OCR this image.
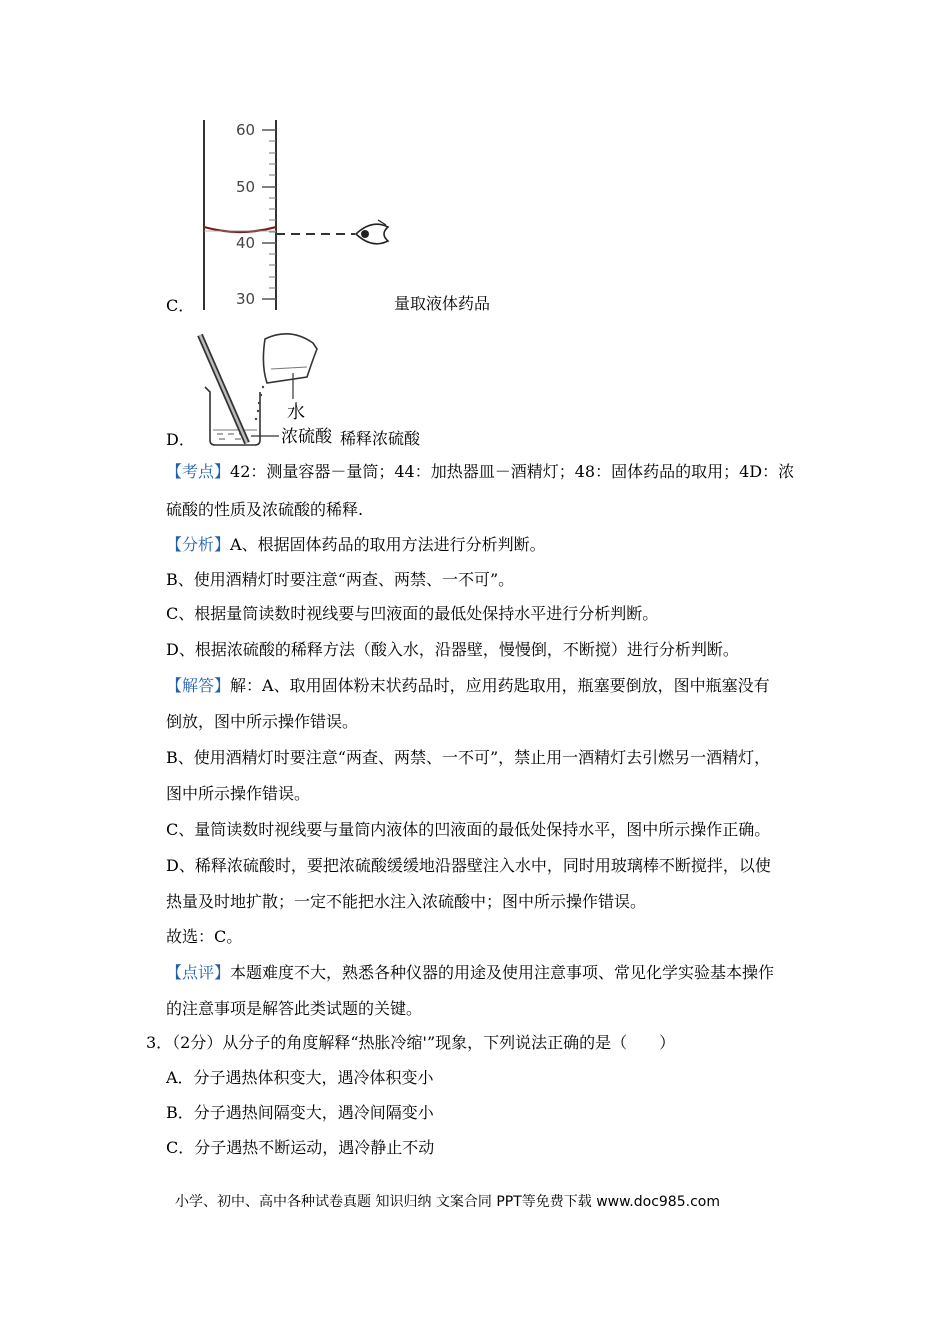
60
50
40
30
C．	量取液体药品
水
浓硫酸
D．	稀释浓硫酸
【考点】42：测量容器－量筒；44：加热器皿－酒精灯；48：固体药品的取用；4D：浓
硫酸的性质及浓硫酸的稀释.
【分析】A、根据固体药品的取用方法进行分析判断。
B、使用酒精灯时要注意“两查、两禁、一不可”。
C、根据量筒读数时视线要与凹液面的最低处保持水平进行分析判断。
D、根据浓硫酸的稀释方法（酸入水，沿器壁，慢慢倒，不断搅）进行分析判断。
【解答】解：A、取用固体粉末状药品时，应用药匙取用，瓶塞要倒放，图中瓶塞没有
倒放，图中所示操作错误。
B、使用酒精灯时要注意“两查、两禁、一不可”，禁止用一酒精灯去引燃另一酒精灯，
图中所示操作错误。
C、量筒读数时视线要与量筒内液体的凹液面的最低处保持水平，图中所示操作正确。
D、稀释浓硫酸时，要把浓硫酸缓缓地沿器壁注入水中，同时用玻璃棒不断搅拌，以使
热量及时地扩散；一定不能把水注入浓硫酸中；图中所示操作错误。
故选：C。
【点评】本题难度不大，熟悉各种仪器的用途及使用注意事项、常见化学实验基本操作
的注意事项是解答此类试题的关键。
3．（2分）从分子的角度解释“热胀冷缩'”现象，下列说法正确的是（　　）
A．分子遇热体积变大，遇冷体积变小
B．分子遇热间隔变大，遇冷间隔变小
C．分子遇热不断运动，遇冷静止不动
小学、初中、高中各种试卷真题 知识归纳 文案合同 PPT等免费下载 www.doc985.com
